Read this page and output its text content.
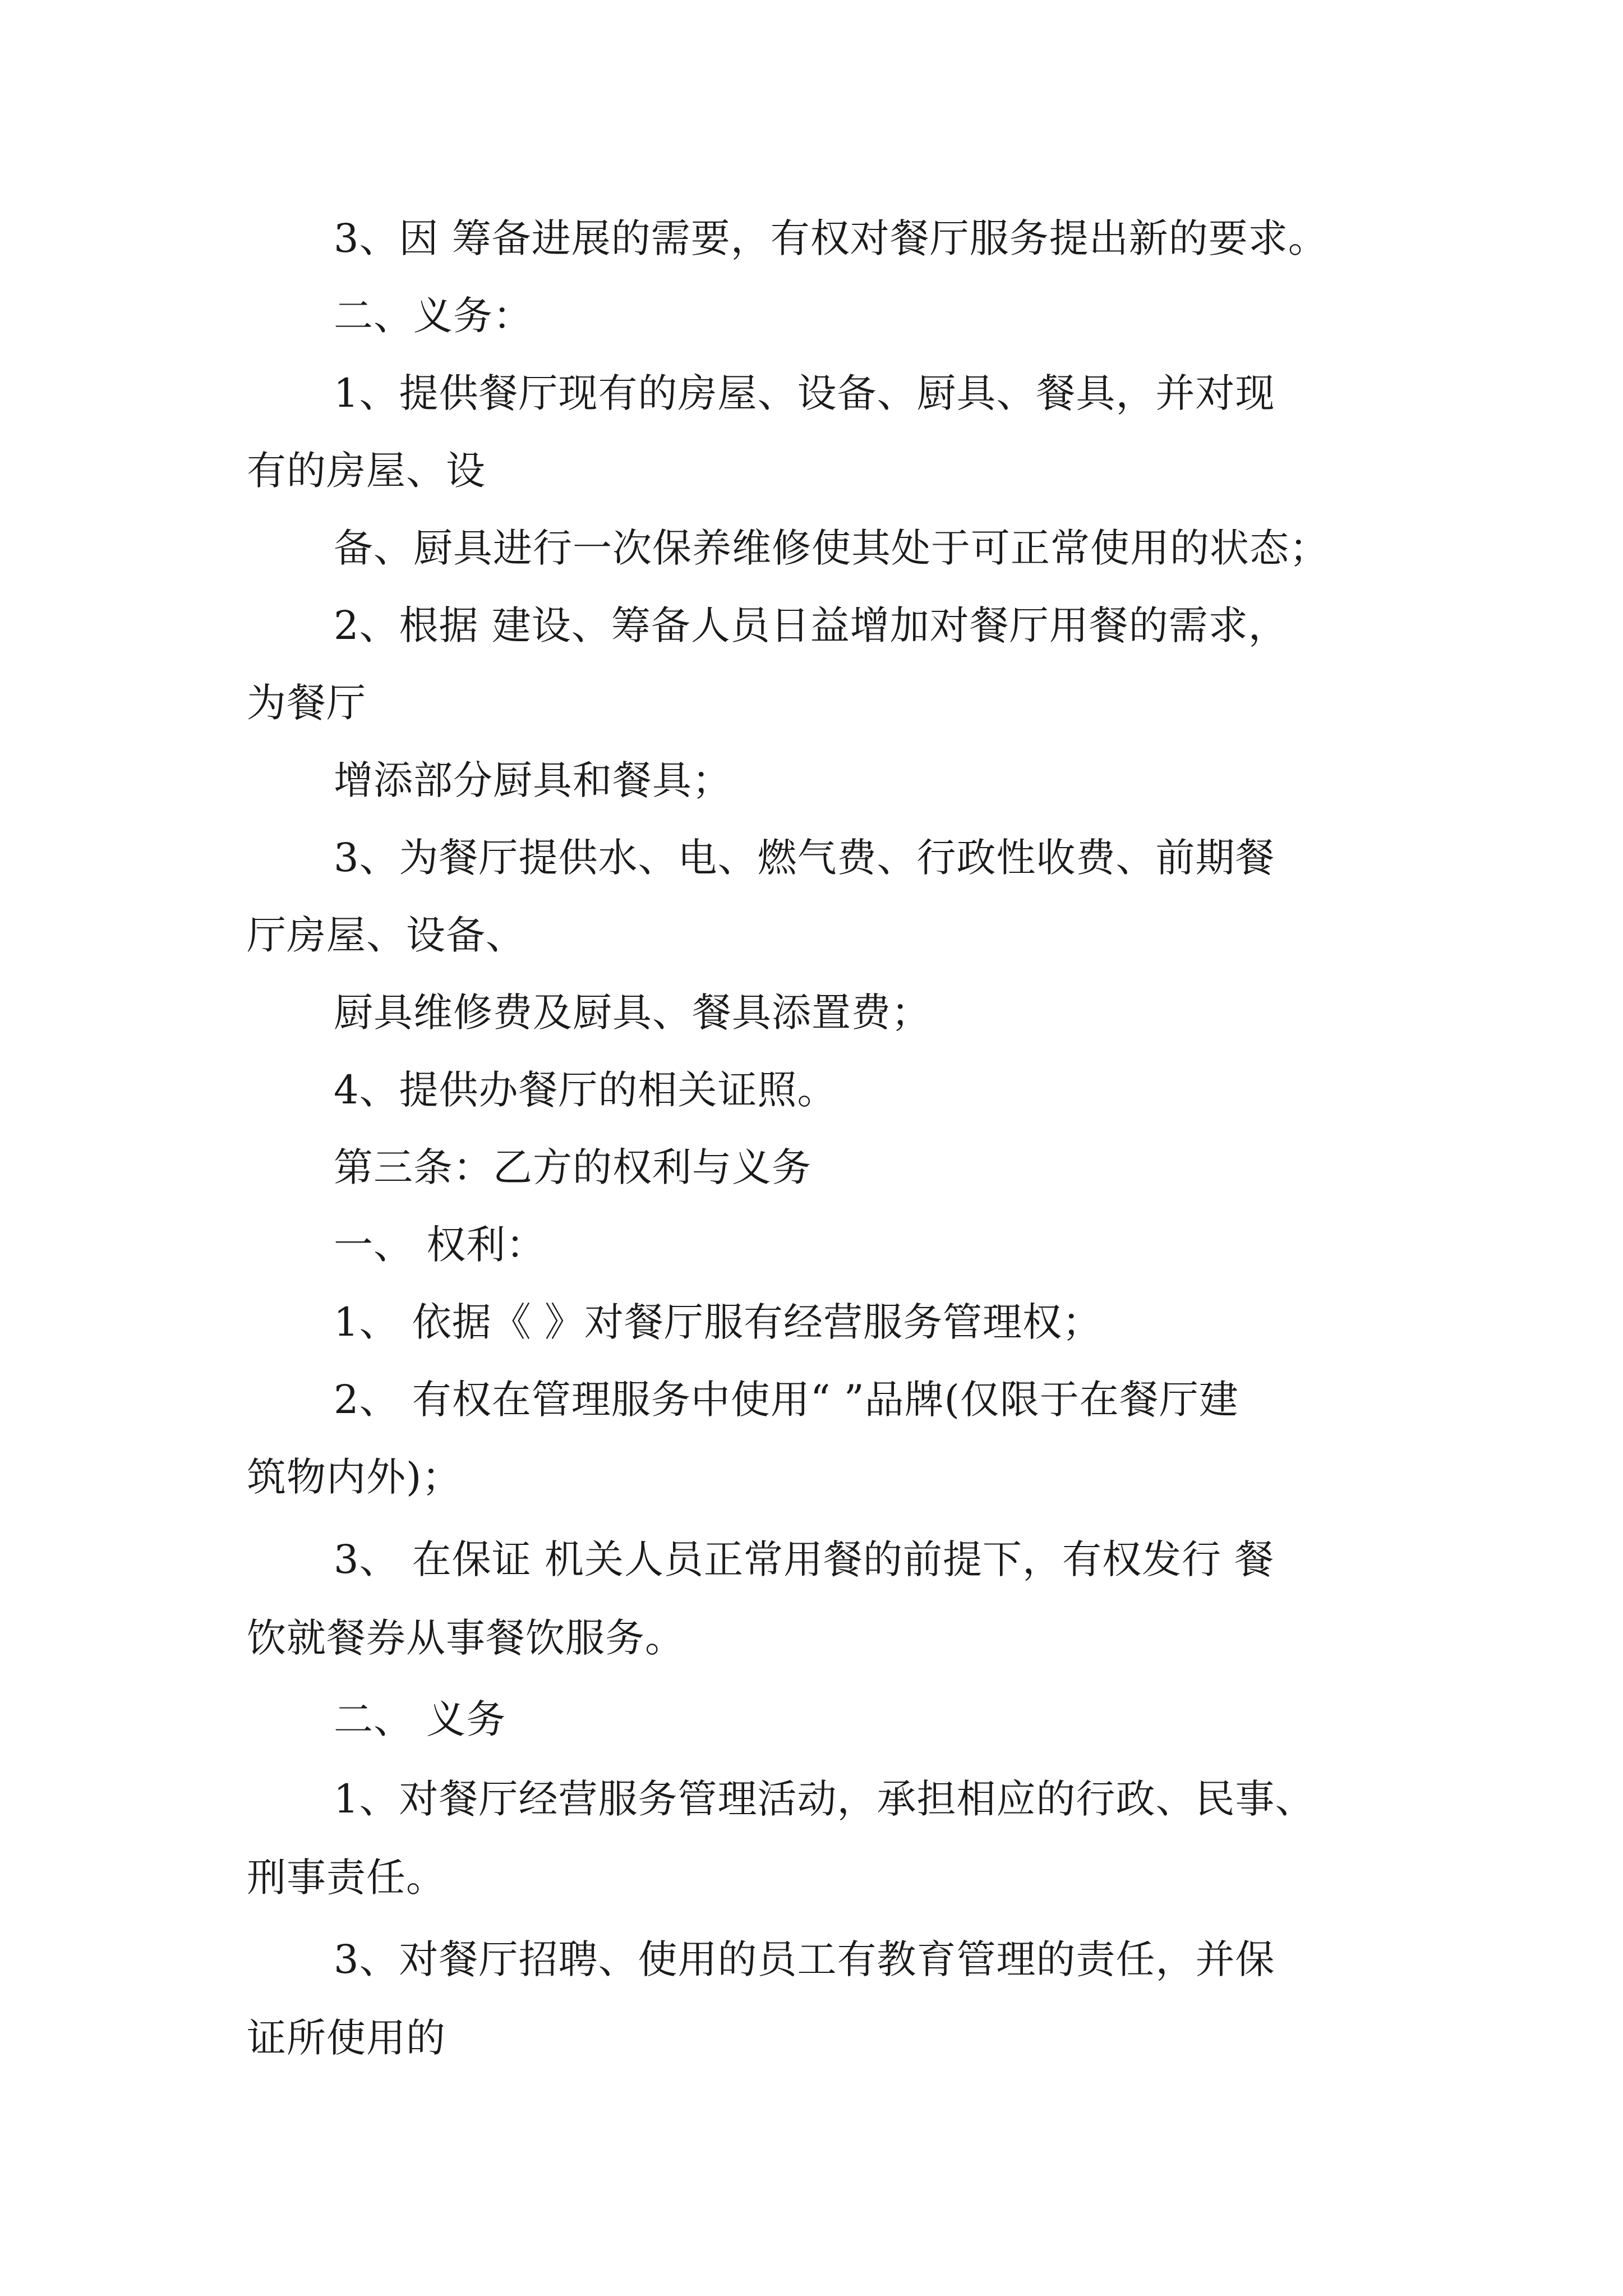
3、因 筹备进展的需要，有权对餐厅服务提出新的要求。
二、义务：
1、提供餐厅现有的房屋、设备、厨具、餐具，并对现
有的房屋、设
备、厨具进行一次保养维修使其处于可正常使用的状态；
2、根据 建设、筹备人员日益增加对餐厅用餐的需求，
为餐厅
增添部分厨具和餐具；
3、为餐厅提供水、电、燃气费、行政性收费、前期餐
厅房屋、设备、
厨具维修费及厨具、餐具添置费；
4、提供办餐厅的相关证照。
第三条：乙方的权利与义务
一、 权利：
1、 依据《 》对餐厅服有经营服务管理权；
2、 有权在管理服务中使用“ ”品牌(仅限于在餐厅建
筑物内外)；
3、 在保证 机关人员正常用餐的前提下，有权发行 餐
饮就餐券从事餐饮服务。
二、 义务
1、对餐厅经营服务管理活动，承担相应的行政、民事、
刑事责任。
3、对餐厅招聘、使用的员工有教育管理的责任，并保
证所使用的
